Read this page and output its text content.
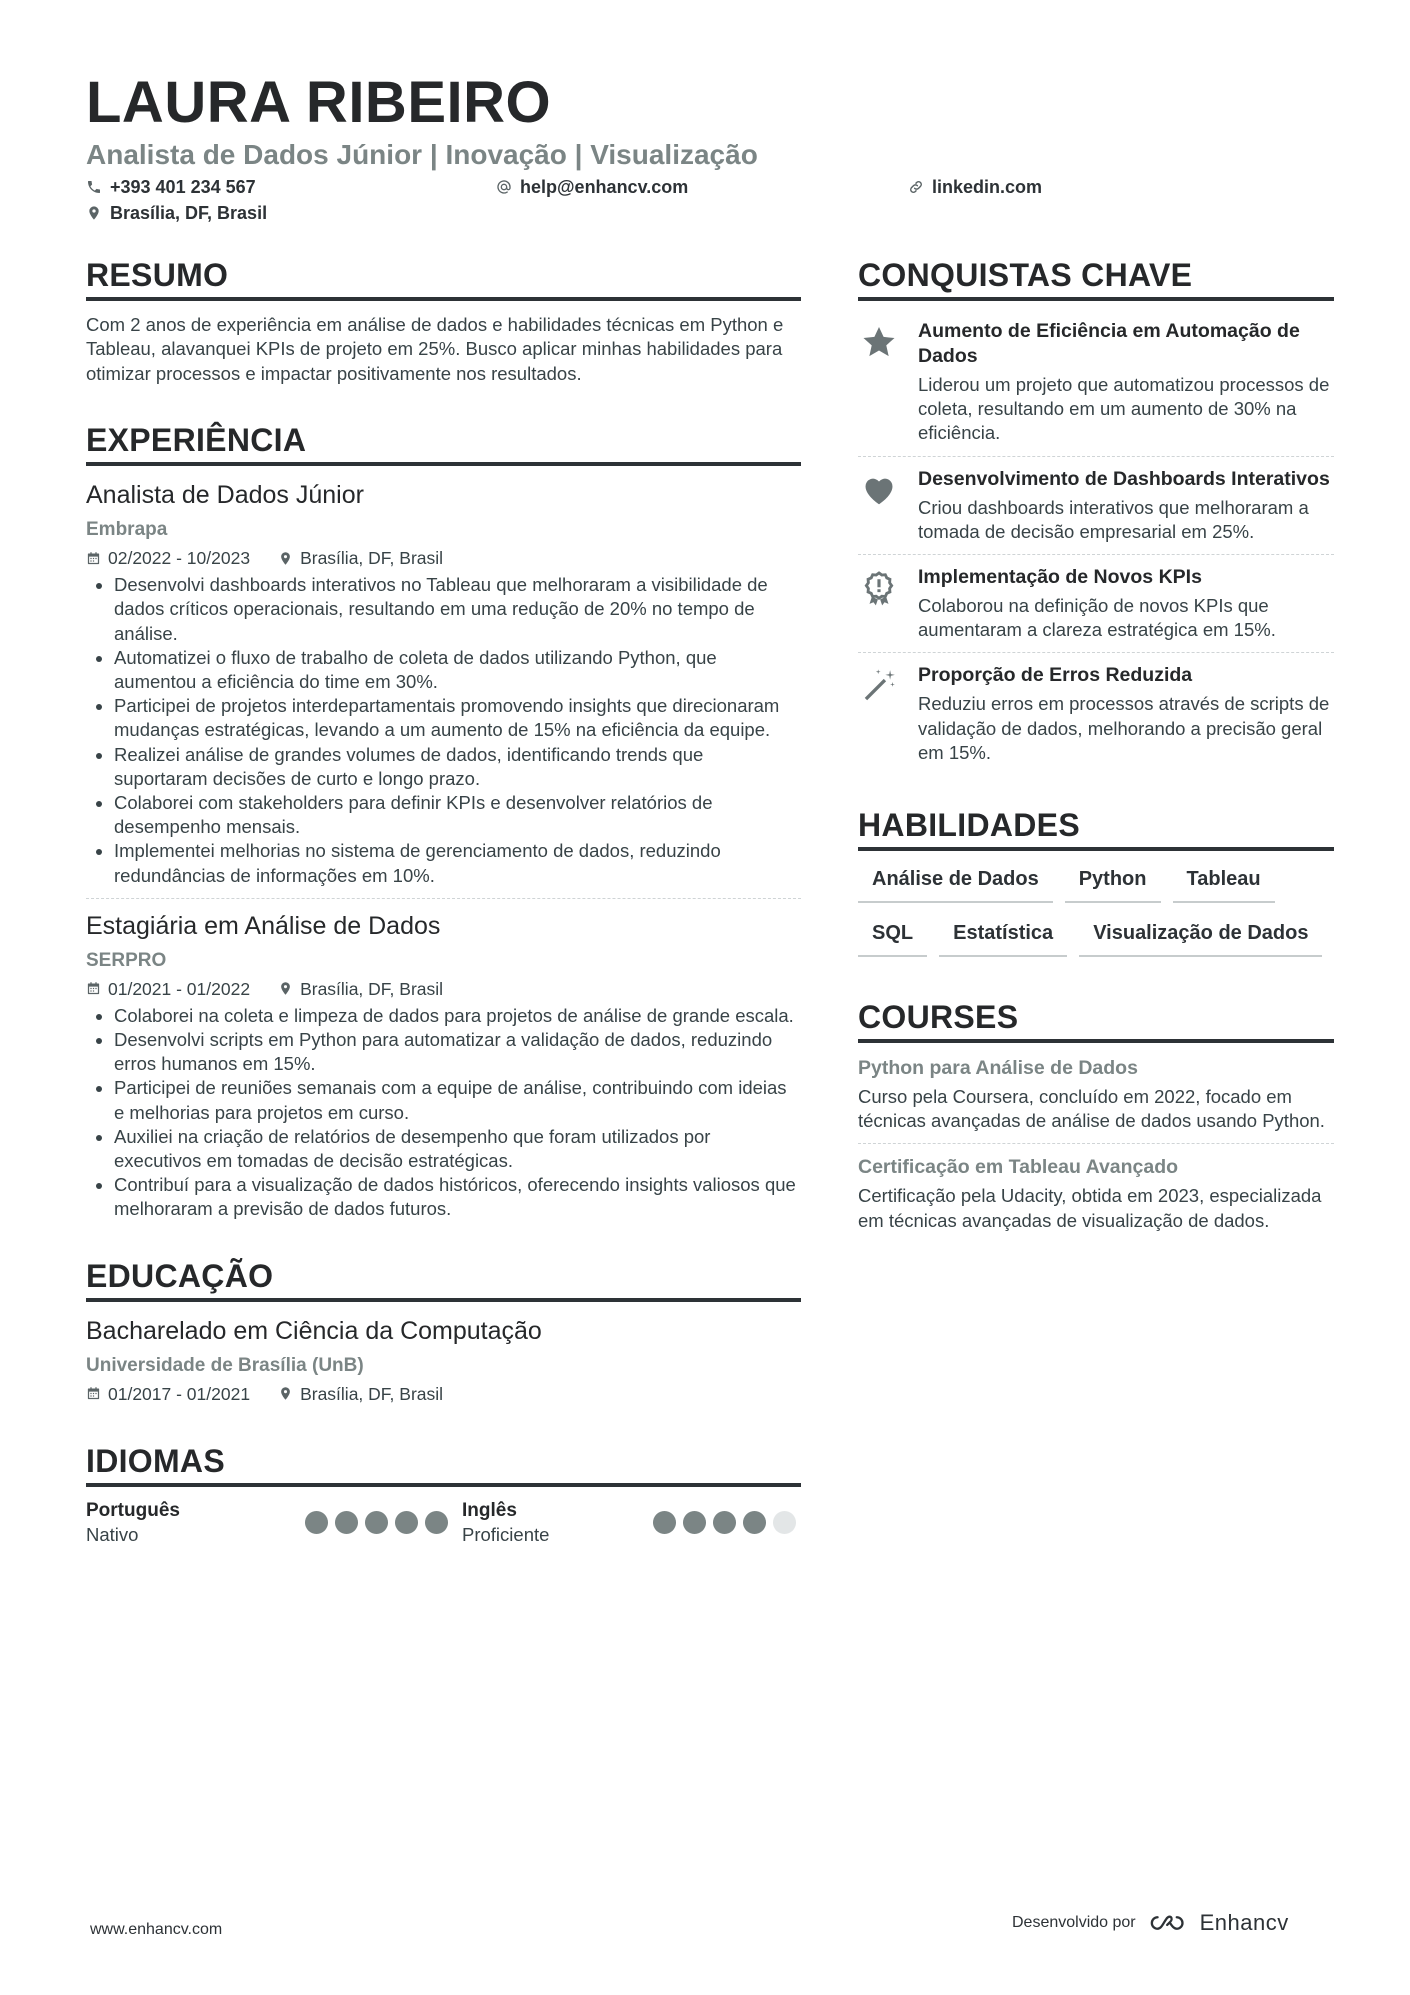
LAURA RIBEIRO
Analista de Dados Júnior | Inovação | Visualização
+393 401 234 567	help@enhancv.com	linkedin.com
Brasília, DF, Brasil
RESUMO
Com 2 anos de experiência em análise de dados e habilidades técnicas em Python e Tableau, alavanquei KPIs de projeto em 25%. Busco aplicar minhas habilidades para otimizar processos e impactar positivamente nos resultados.
EXPERIÊNCIA
Analista de Dados Júnior
Embrapa
02/2022 - 10/2023	Brasília, DF, Brasil
Desenvolvi dashboards interativos no Tableau que melhoraram a visibilidade de dados críticos operacionais, resultando em uma redução de 20% no tempo de análise.
Automatizei o fluxo de trabalho de coleta de dados utilizando Python, que aumentou a eficiência do time em 30%.
Participei de projetos interdepartamentais promovendo insights que direcionaram mudanças estratégicas, levando a um aumento de 15% na eficiência da equipe.
Realizei análise de grandes volumes de dados, identificando trends que suportaram decisões de curto e longo prazo.
Colaborei com stakeholders para definir KPIs e desenvolver relatórios de desempenho mensais.
Implementei melhorias no sistema de gerenciamento de dados, reduzindo redundâncias de informações em 10%.
Estagiária em Análise de Dados
SERPRO
01/2021 - 01/2022	Brasília, DF, Brasil
Colaborei na coleta e limpeza de dados para projetos de análise de grande escala.
Desenvolvi scripts em Python para automatizar a validação de dados, reduzindo erros humanos em 15%.
Participei de reuniões semanais com a equipe de análise, contribuindo com ideias e melhorias para projetos em curso.
Auxiliei na criação de relatórios de desempenho que foram utilizados por executivos em tomadas de decisão estratégicas.
Contribuí para a visualização de dados históricos, oferecendo insights valiosos que melhoraram a previsão de dados futuros.
EDUCAÇÃO
Bacharelado em Ciência da Computação
Universidade de Brasília (UnB)
01/2017 - 01/2021	Brasília, DF, Brasil
IDIOMAS
Português
Nativo
Inglês
Proficiente
CONQUISTAS CHAVE
Aumento de Eficiência em Automação de Dados
Liderou um projeto que automatizou processos de coleta, resultando em um aumento de 30% na eficiência.
Desenvolvimento de Dashboards Interativos
Criou dashboards interativos que melhoraram a tomada de decisão empresarial em 25%.
Implementação de Novos KPIs
Colaborou na definição de novos KPIs que aumentaram a clareza estratégica em 15%.
Proporção de Erros Reduzida
Reduziu erros em processos através de scripts de validação de dados, melhorando a precisão geral em 15%.
HABILIDADES
Análise de Dados	Python	Tableau
SQL	Estatística	Visualização de Dados
COURSES
Python para Análise de Dados
Curso pela Coursera, concluído em 2022, focado em técnicas avançadas de análise de dados usando Python.
Certificação em Tableau Avançado
Certificação pela Udacity, obtida em 2023, especializada em técnicas avançadas de visualização de dados.
www.enhancv.com	Desenvolvido por	Enhancv
